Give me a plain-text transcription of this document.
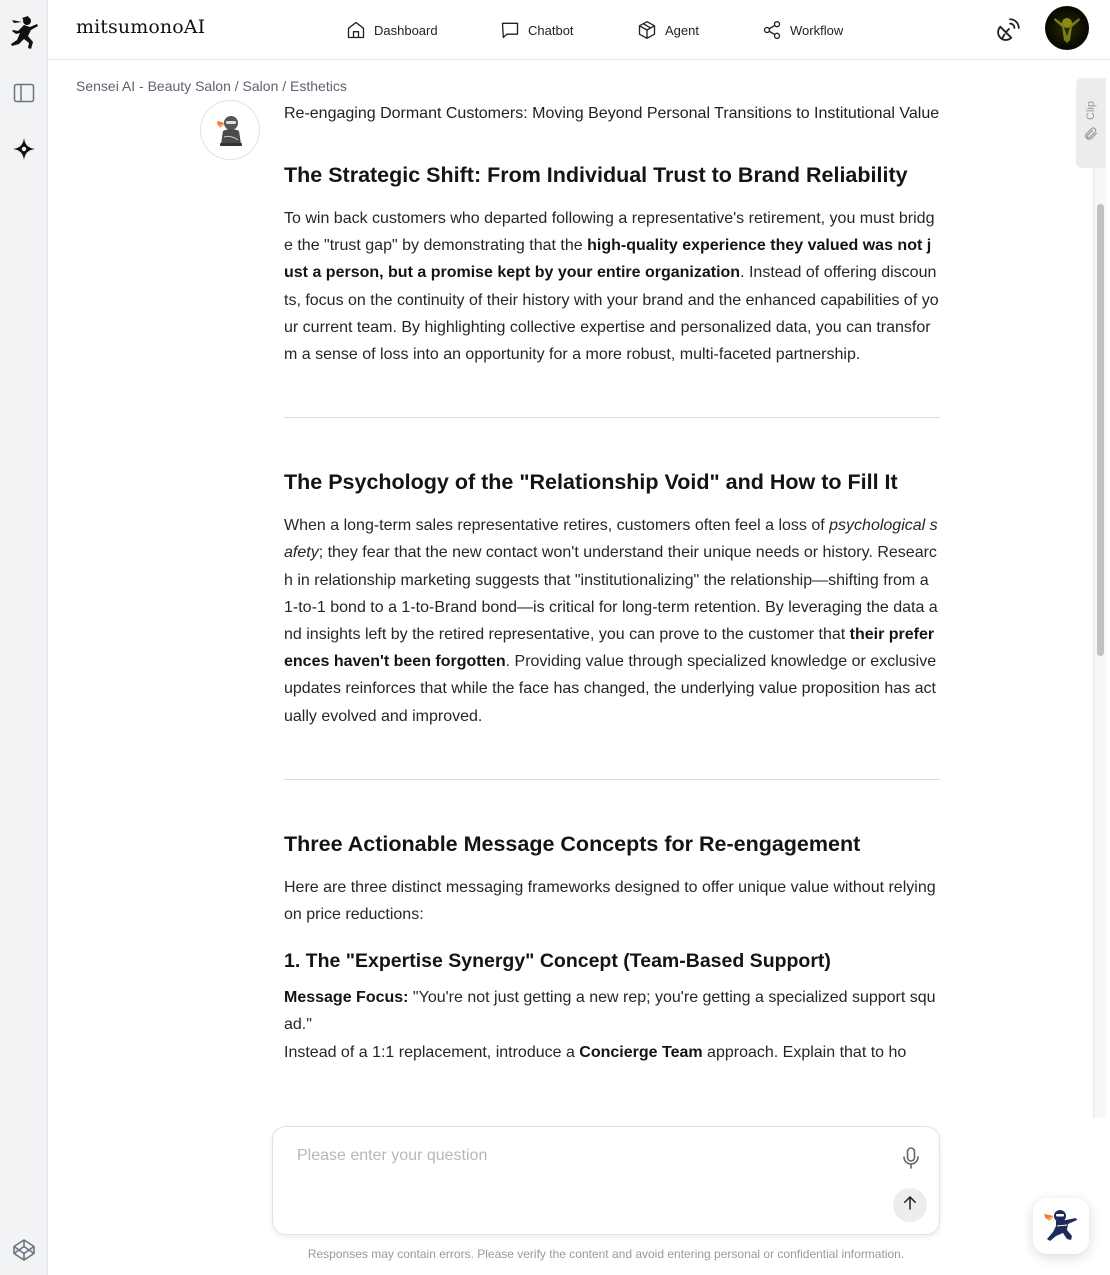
mitsumonoAI	Dashboard	Chatbot	Agent	Workflow
Sensei AI - Beauty Salon / Salon / Esthetics
Clip
Re-engaging Dormant Customers: Moving Beyond Personal Transitions to Institutional Value
The Strategic Shift: From Individual Trust to Brand Reliability

To win back customers who departed following a representative's retirement, you must bridge the "trust gap" by demonstrating that the high-quality experience they valued was not just a person, but a promise kept by your entire organization. Instead of offering discounts, focus on the continuity of their history with your brand and the enhanced capabilities of your current team. By highlighting collective expertise and personalized data, you can transform a sense of loss into an opportunity for a more robust, multi-faceted partnership.

The Psychology of the "Relationship Void" and How to Fill It

When a long-term sales representative retires, customers often feel a loss of psychological safety; they fear that the new contact won't understand their unique needs or history. Research in relationship marketing suggests that "institutionalizing" the relationship—shifting from a 1-to-1 bond to a 1-to-Brand bond—is critical for long-term retention. By leveraging the data and insights left by the retired representative, you can prove to the customer that their preferences haven't been forgotten. Providing value through specialized knowledge or exclusive updates reinforces that while the face has changed, the underlying value proposition has actually evolved and improved.

Three Actionable Message Concepts for Re-engagement

Here are three distinct messaging frameworks designed to offer unique value without relying on price reductions:

1. The "Expertise Synergy" Concept (Team-Based Support)

Message Focus: "You're not just getting a new rep; you're getting a specialized support squad."
Instead of a 1:1 replacement, introduce a Concierge Team approach. Explain that to ho

Please enter your question
Responses may contain errors. Please verify the content and avoid entering personal or confidential information.
